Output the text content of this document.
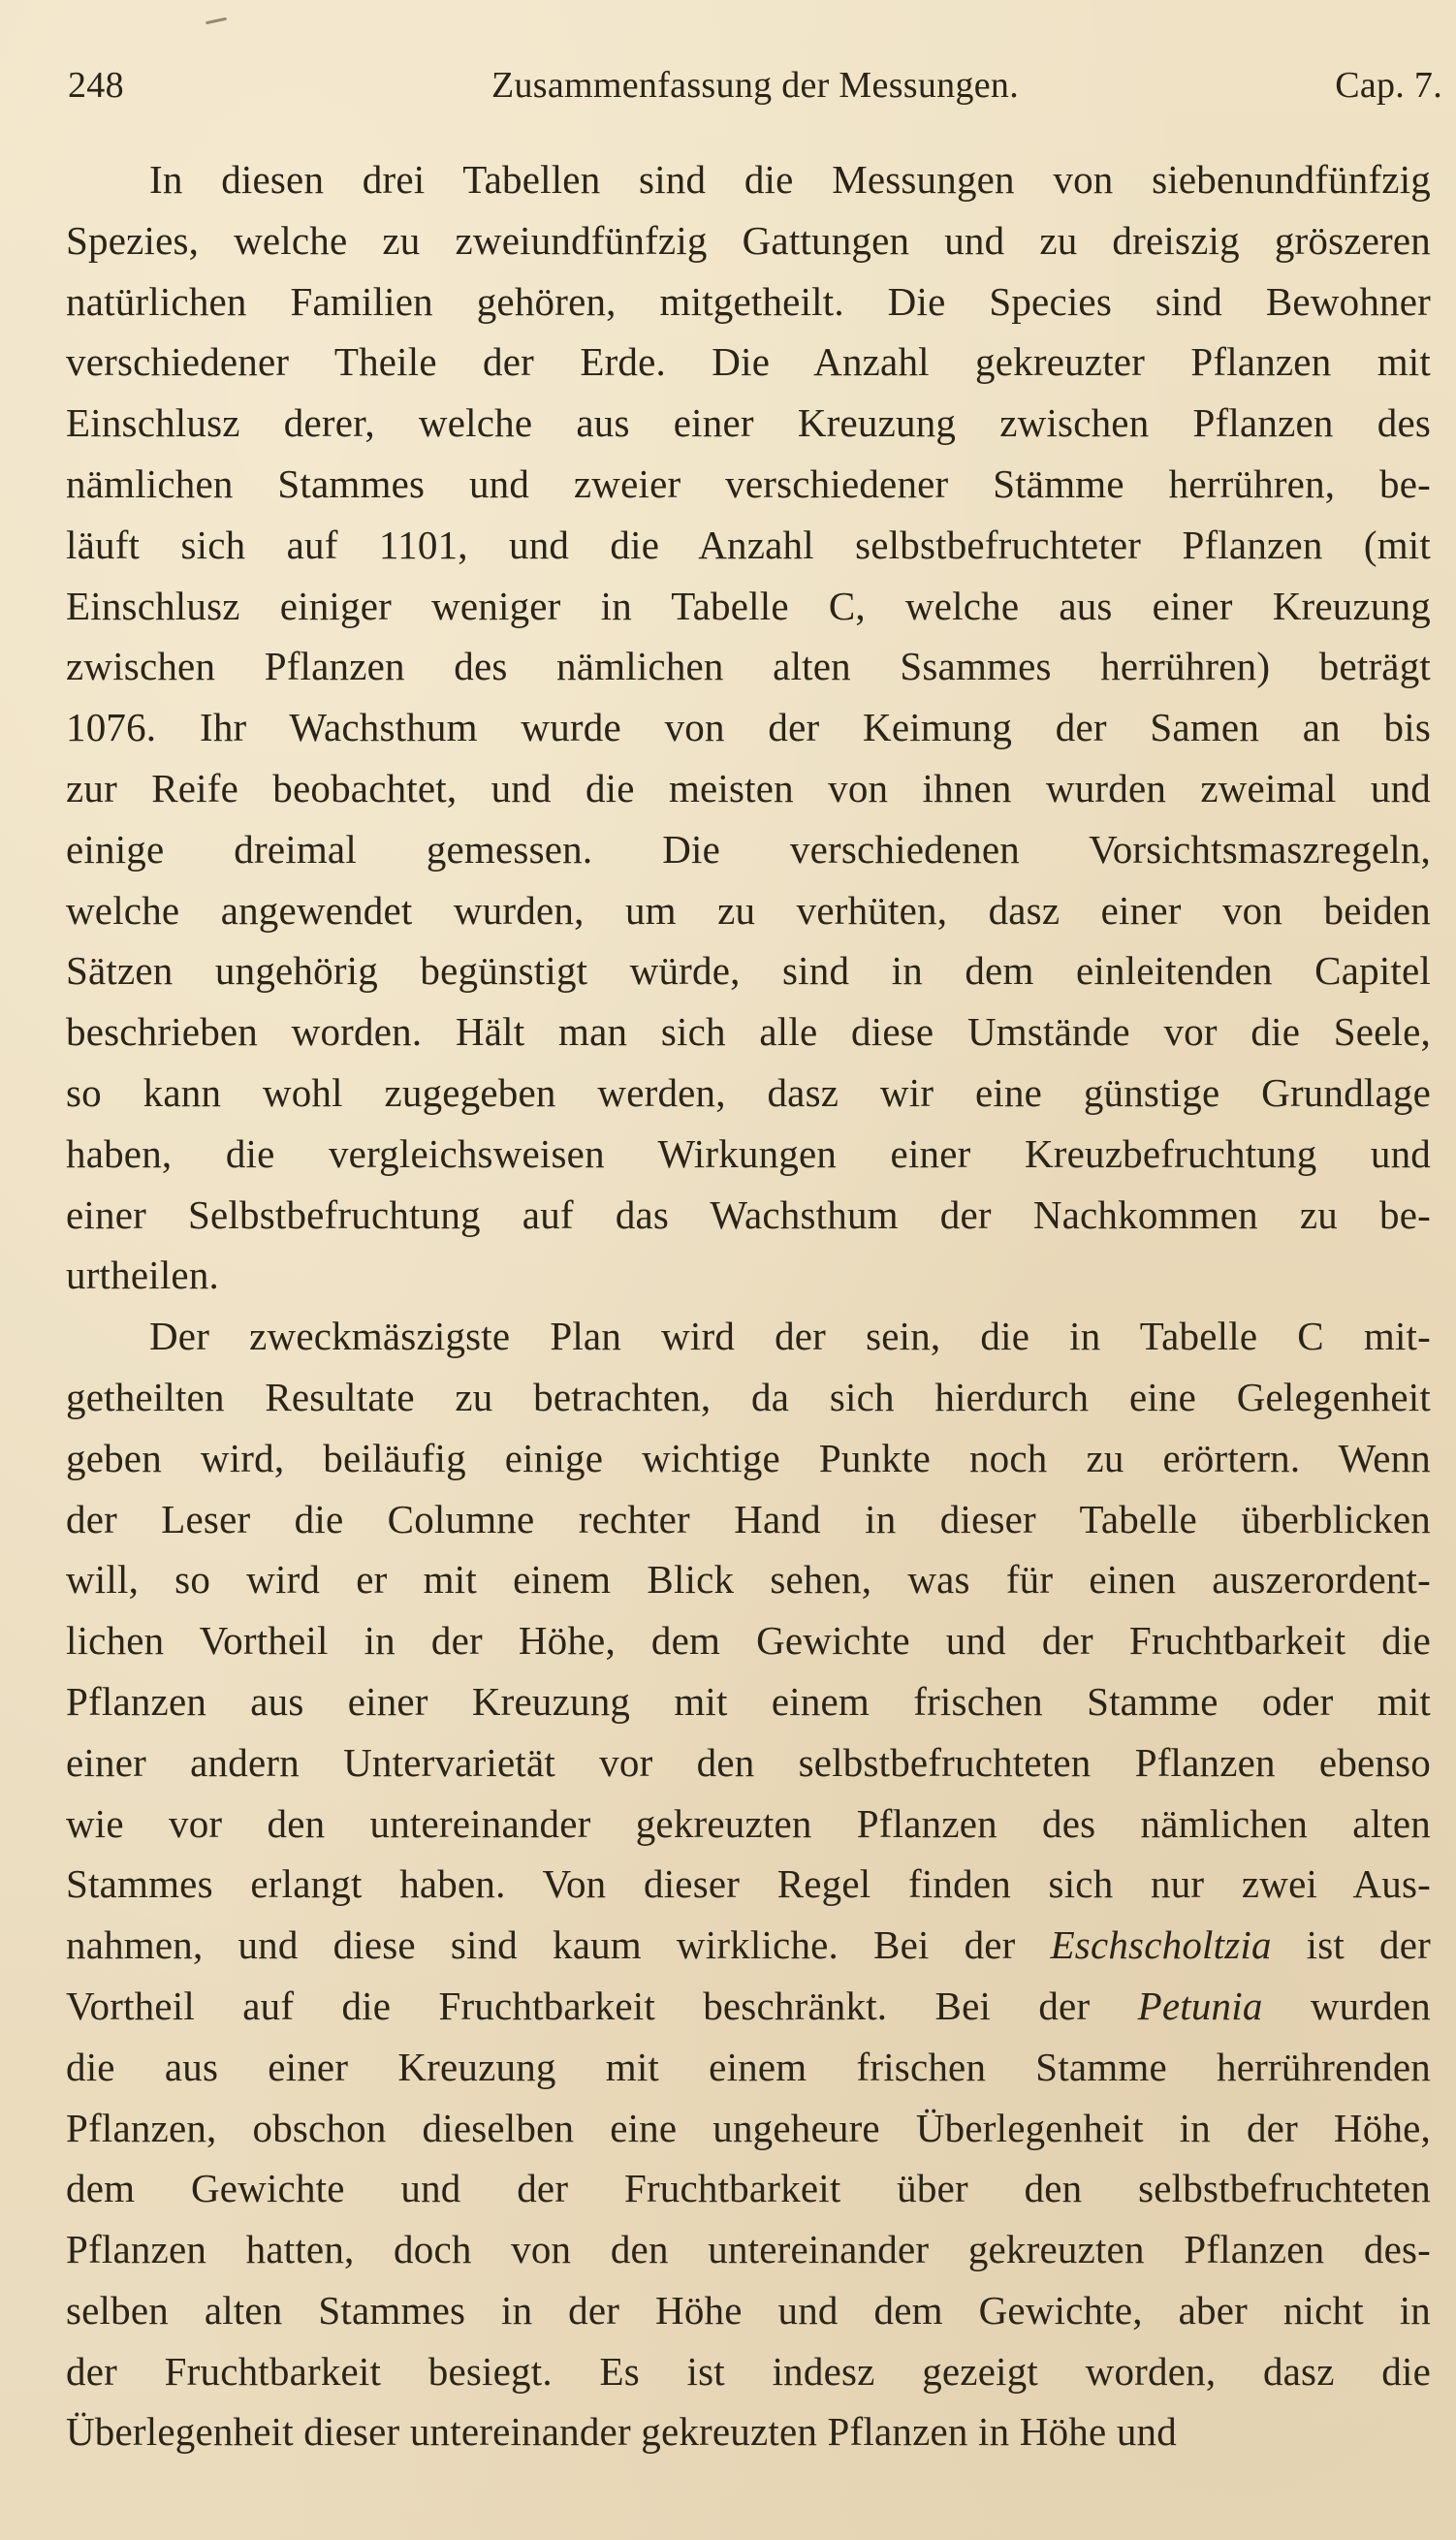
248	Zusammenfassung der Messungen.	Cap. 7.

In diesen drei Tabellen sind die Messungen von siebenundfünfzig
Spezies, welche zu zweiundfünfzig Gattungen und zu dreiszig gröszeren
natürlichen Familien gehören, mitgetheilt. Die Species sind Bewohner
verschiedener Theile der Erde. Die Anzahl gekreuzter Pflanzen mit
Einschlusz derer, welche aus einer Kreuzung zwischen Pflanzen des
nämlichen Stammes und zweier verschiedener Stämme herrühren, be-
läuft sich auf 1101, und die Anzahl selbstbefruchteter Pflanzen (mit
Einschlusz einiger weniger in Tabelle C, welche aus einer Kreuzung
zwischen Pflanzen des nämlichen alten Ssammes herrühren) beträgt
1076. Ihr Wachsthum wurde von der Keimung der Samen an bis
zur Reife beobachtet, und die meisten von ihnen wurden zweimal und
einige dreimal gemessen. Die verschiedenen Vorsichtsmaszregeln,
welche angewendet wurden, um zu verhüten, dasz einer von beiden
Sätzen ungehörig begünstigt würde, sind in dem einleitenden Capitel
beschrieben worden. Hält man sich alle diese Umstände vor die Seele,
so kann wohl zugegeben werden, dasz wir eine günstige Grundlage
haben, die vergleichsweisen Wirkungen einer Kreuzbefruchtung und
einer Selbstbefruchtung auf das Wachsthum der Nachkommen zu be-
urtheilen.

Der zweckmäszigste Plan wird der sein, die in Tabelle C mit-
getheilten Resultate zu betrachten, da sich hierdurch eine Gelegenheit
geben wird, beiläufig einige wichtige Punkte noch zu erörtern. Wenn
der Leser die Columne rechter Hand in dieser Tabelle überblicken
will, so wird er mit einem Blick sehen, was für einen auszerordent-
lichen Vortheil in der Höhe, dem Gewichte und der Fruchtbarkeit die
Pflanzen aus einer Kreuzung mit einem frischen Stamme oder mit
einer andern Untervarietät vor den selbstbefruchteten Pflanzen ebenso
wie vor den untereinander gekreuzten Pflanzen des nämlichen alten
Stammes erlangt haben. Von dieser Regel finden sich nur zwei Aus-
nahmen, und diese sind kaum wirkliche. Bei der Eschscholtzia ist der
Vortheil auf die Fruchtbarkeit beschränkt. Bei der Petunia wurden
die aus einer Kreuzung mit einem frischen Stamme herrührenden
Pflanzen, obschon dieselben eine ungeheure Überlegenheit in der Höhe,
dem Gewichte und der Fruchtbarkeit über den selbstbefruchteten
Pflanzen hatten, doch von den untereinander gekreuzten Pflanzen des-
selben alten Stammes in der Höhe und dem Gewichte, aber nicht in
der Fruchtbarkeit besiegt. Es ist indesz gezeigt worden, dasz die
Überlegenheit dieser untereinander gekreuzten Pflanzen in Höhe und
